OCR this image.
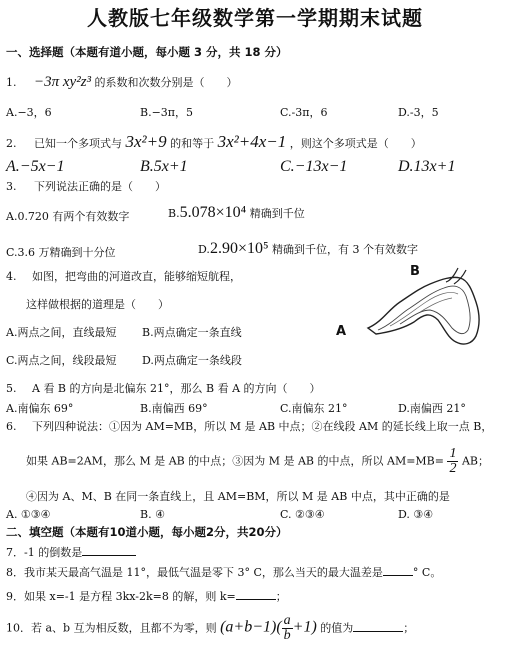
人教版七年级数学第一学期期末试题
一、选择题（本题有道小题，每小题 3 分，共 18 分）
1. −3π xy²z³ 的系数和次数分别是（　　）
A.−3，6	B.−3π，5	C.-3π，6	D.-3，5
2. 已知一个多项式与 3x²+9 的和等于 3x²+4x−1 ，则这个多项式是（　　）
A.−5x−1	B.5x+1	C.−13x−1	D.13x+1
3. 下列说法正确的是（　　）
A.0.720 有两个有效数字	B.5.078×10⁴ 精确到千位
C.3.6 万精确到十分位	D.2.90×10⁵ 精确到千位，有 3 个有效数字
4. 如图，把弯曲的河道改直，能够缩短航程，
这样做根据的道理是（　　）
A.两点之间，直线最短 B.两点确定一条直线
C.两点之间，线段最短 D.两点确定一条线段
A
B
5. A 看 B 的方向是北偏东 21°，那么 B 看 A 的方向（　　）
A.南偏东 69°	B.南偏西 69°	C.南偏东 21°	D.南偏西 21°
6. 下列四种说法：①因为 AM=MB，所以 M 是 AB 中点；②在线段 AM 的延长线上取一点 B，
如果 AB=2AM，那么 M 是 AB 的中点；③因为 M 是 AB 的中点，所以 $AM=MB= \frac{1}{2}$ AB；
④因为 A、M、B 在同一条直线上，且 AM=BM，所以 M 是 AB 中点，其中正确的是
A. ①③④	B. ④	C. ②③④	D. ③④
二、填空题（本题有10道小题，每小题2分，共20分）
7．-1 的倒数是
8．我市某天最高气温是 11°，最低气温是零下 3° C，那么当天的最大温差是	° C。
9．如果 x=-1 是方程 3kx-2k=8 的解，则 k=	；
10．若 a、b 互为相反数，且都不为零，则 $(a+b-1)( \frac{a}{b} +1)$ 的值为	；
